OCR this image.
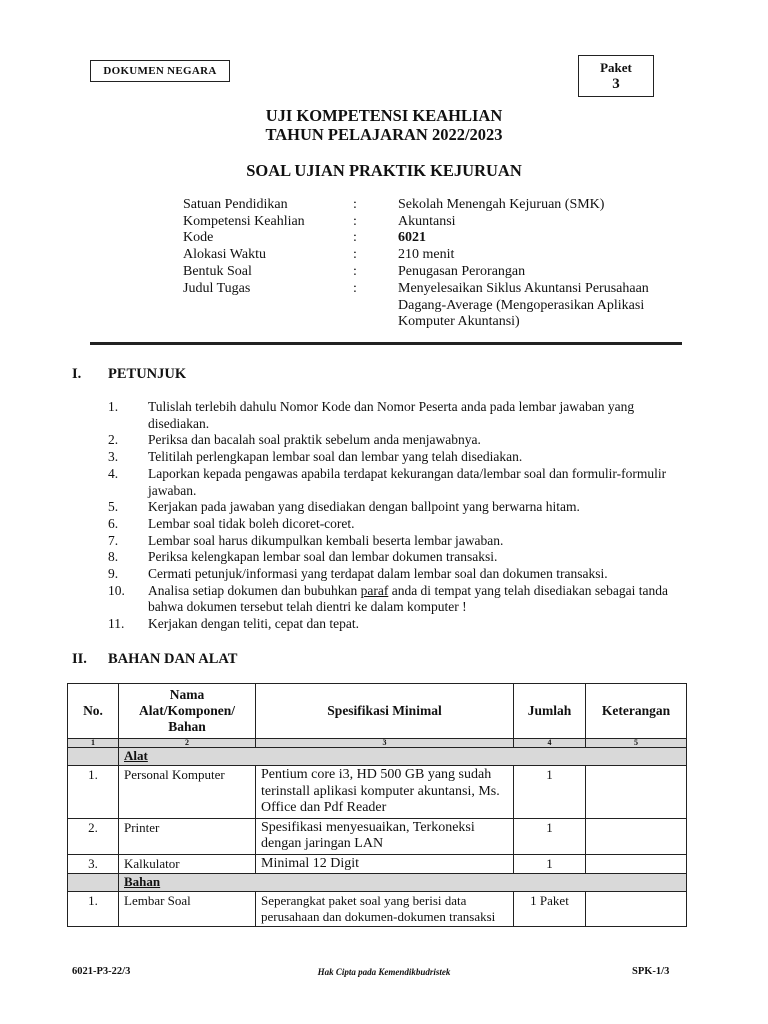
DOKUMEN NEGARA	Paket
3
UJI KOMPETENSI KEAHLIAN
TAHUN PELAJARAN 2022/2023
SOAL UJIAN PRAKTIK KEJURUAN
Satuan Pendidikan	:	Sekolah Menengah Kejuruan (SMK)
Kompetensi Keahlian	:	Akuntansi
Kode	:	6021
Alokasi Waktu	:	210 menit
Bentuk Soal	:	Penugasan Perorangan
Judul Tugas	:	Menyelesaikan Siklus Akuntansi Perusahaan Dagang-Average (Mengoperasikan Aplikasi Komputer Akuntansi)
I. PETUNJUK
1. Tulislah terlebih dahulu Nomor Kode dan Nomor Peserta anda pada lembar jawaban yang disediakan.
2. Periksa dan bacalah soal praktik sebelum anda menjawabnya.
3. Telitilah perlengkapan lembar soal dan lembar yang telah disediakan.
4. Laporkan kepada pengawas apabila terdapat kekurangan data/lembar soal dan formulir-formulir jawaban.
5. Kerjakan pada jawaban yang disediakan dengan ballpoint yang berwarna hitam.
6. Lembar soal tidak boleh dicoret-coret.
7. Lembar soal harus dikumpulkan kembali beserta lembar jawaban.
8. Periksa kelengkapan lembar soal dan lembar dokumen transaksi.
9. Cermati petunjuk/informasi yang terdapat dalam lembar soal dan dokumen transaksi.
10. Analisa setiap dokumen dan bubuhkan paraf anda di tempat yang telah disediakan sebagai tanda bahwa dokumen tersebut telah dientri ke dalam komputer !
11. Kerjakan dengan teliti, cepat dan tepat.
II. BAHAN DAN ALAT
No.	Nama Alat/Komponen/ Bahan	Spesifikasi Minimal	Jumlah	Keterangan
1	2	3	4	5
	Alat			
1.	Personal Komputer	Pentium core i3, HD 500 GB yang sudah terinstall aplikasi komputer akuntansi, Ms. Office dan Pdf Reader	1	
2.	Printer	Spesifikasi menyesuaikan, Terkoneksi dengan jaringan LAN	1	
3.	Kalkulator	Minimal 12 Digit	1	
	Bahan			
1.	Lembar Soal	Seperangkat paket soal yang berisi data perusahaan dan dokumen-dokumen transaksi	1 Paket	
6021-P3-22/3	Hak Cipta pada Kemendikbudristek	SPK-1/3
